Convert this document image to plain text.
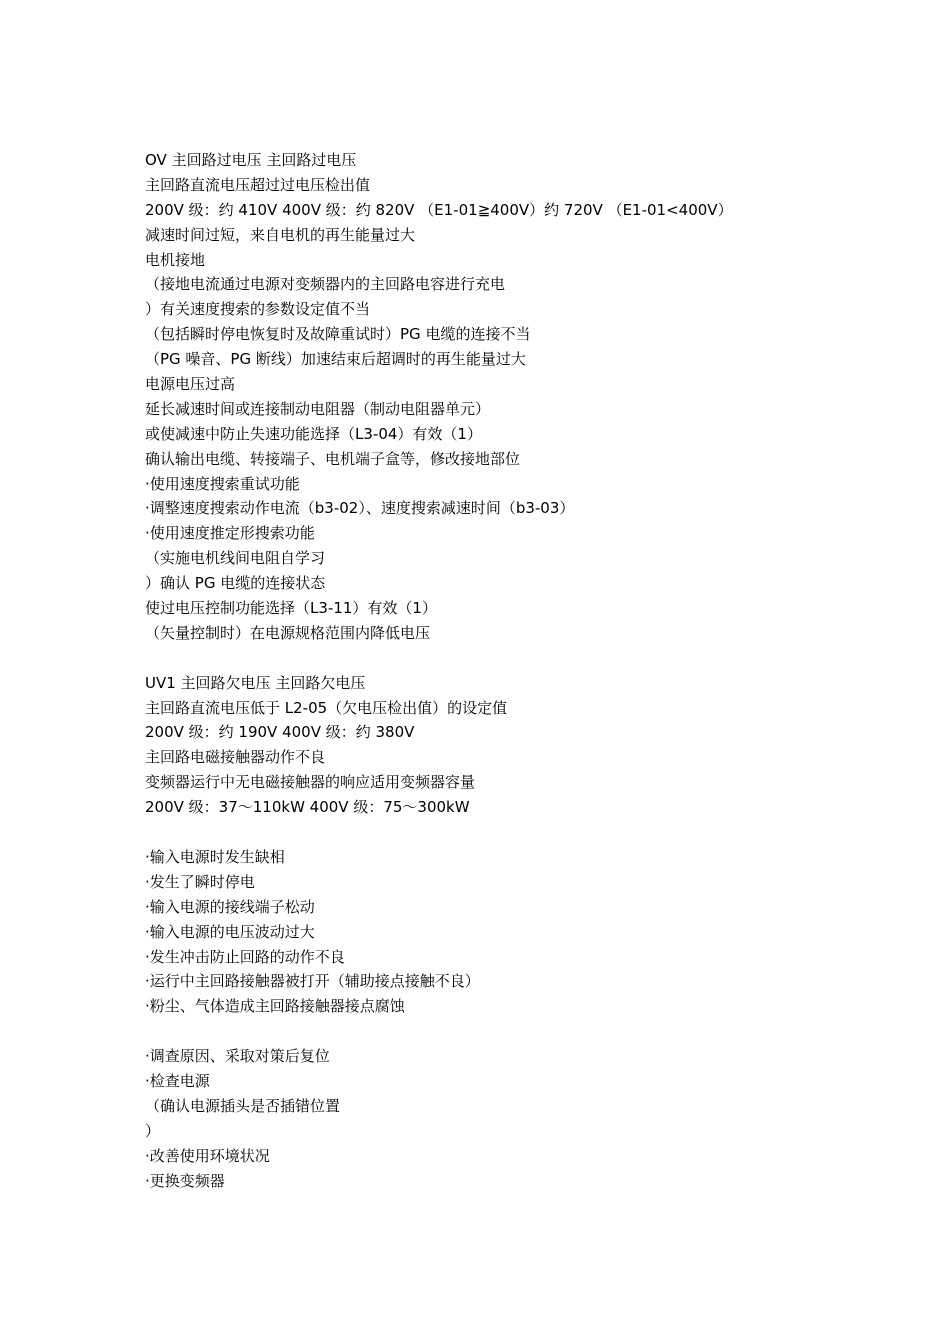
OV 主回路过电压 主回路过电压
主回路直流电压超过过电压检出值
200V 级：约 410V 400V 级：约 820V （E1-01≧400V）约 720V （E1-01<400V）
减速时间过短，来自电机的再生能量过大
电机接地
（接地电流通过电源对变频器内的主回路电容进行充电
）有关速度搜索的参数设定值不当
（包括瞬时停电恢复时及故障重试时）PG 电缆的连接不当
（PG 噪音、PG 断线）加速结束后超调时的再生能量过大
电源电压过高
延长减速时间或连接制动电阻器（制动电阻器单元）
或使减速中防止失速功能选择（L3-04）有效（1）
确认输出电缆、转接端子、电机端子盒等，修改接地部位
·使用速度搜索重试功能
·调整速度搜索动作电流（b3-02）、速度搜索减速时间（b3-03）
·使用速度推定形搜索功能
（实施电机线间电阻自学习
）确认 PG 电缆的连接状态
使过电压控制功能选择（L3-11）有效（1）
（矢量控制时）在电源规格范围内降低电压
UV1 主回路欠电压 主回路欠电压
主回路直流电压低于 L2-05（欠电压检出值）的设定值
200V 级：约 190V 400V 级：约 380V
主回路电磁接触器动作不良
变频器运行中无电磁接触器的响应适用变频器容量
200V 级：37～110kW 400V 级：75～300kW
·输入电源时发生缺相
·发生了瞬时停电
·输入电源的接线端子松动
·输入电源的电压波动过大
·发生冲击防止回路的动作不良
·运行中主回路接触器被打开（辅助接点接触不良）
·粉尘、气体造成主回路接触器接点腐蚀
·调查原因、采取对策后复位
·检查电源
（确认电源插头是否插错位置
）
·改善使用环境状况
·更换变频器
